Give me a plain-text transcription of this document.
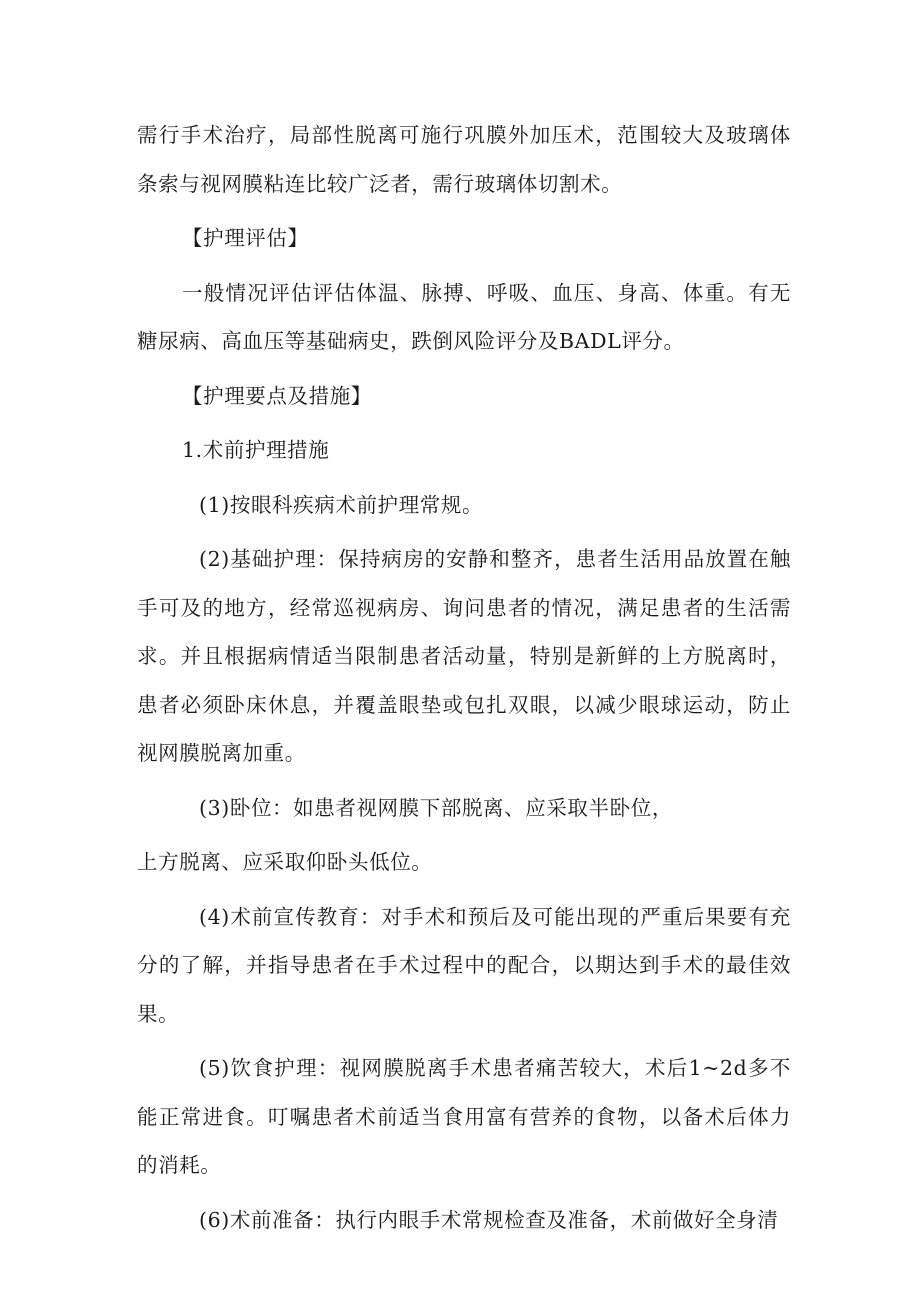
需行手术治疗，局部性脱离可施行巩膜外加压术，范围较大及玻璃体条索与视网膜粘连比较广泛者，需行玻璃体切割术。

【护理评估】

一般情况评估评估体温、脉搏、呼吸、血压、身高、体重。有无糖尿病、高血压等基础病史，跌倒风险评分及BADL评分。

【护理要点及措施】

1.术前护理措施

(1)按眼科疾病术前护理常规。

(2)基础护理：保持病房的安静和整齐，患者生活用品放置在触手可及的地方，经常巡视病房、询问患者的情况，满足患者的生活需求。并且根据病情适当限制患者活动量，特别是新鲜的上方脱离时，患者必须卧床休息，并覆盖眼垫或包扎双眼，以减少眼球运动，防止视网膜脱离加重。

(3)卧位：如患者视网膜下部脱离、应采取半卧位，

上方脱离、应采取仰卧头低位。

(4)术前宣传教育：对手术和预后及可能出现的严重后果要有充分的了解，并指导患者在手术过程中的配合，以期达到手术的最佳效果。

(5)饮食护理：视网膜脱离手术患者痛苦较大，术后1~2d多不能正常进食。叮嘱患者术前适当食用富有营养的食物，以备术后体力的消耗。

(6)术前准备：执行内眼手术常规检查及准备，术前做好全身清
